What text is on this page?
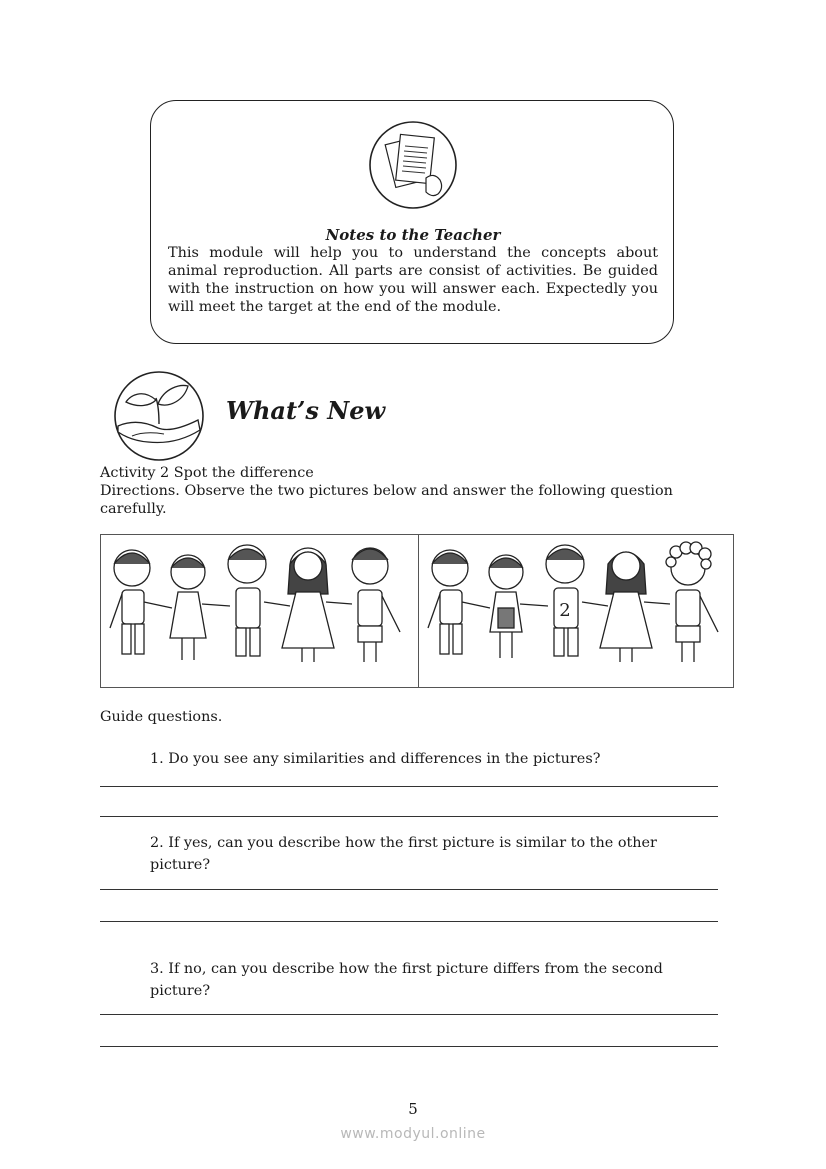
Notes to the Teacher
This module will help you to understand the concepts about animal reproduction. All parts are consist of activities. Be guided with the instruction on how you will answer each. Expectedly you will meet the target at the end of the module.
What’s New
Activity 2 Spot the difference
Directions. Observe the two pictures below and answer the following question carefully.
2
Guide questions.
1. Do you see any similarities and differences in the pictures?
2. If yes, can you describe how the first picture is similar to the other picture?
3. If no, can you describe how the first picture differs from the second picture?
5
www.modyul.online
